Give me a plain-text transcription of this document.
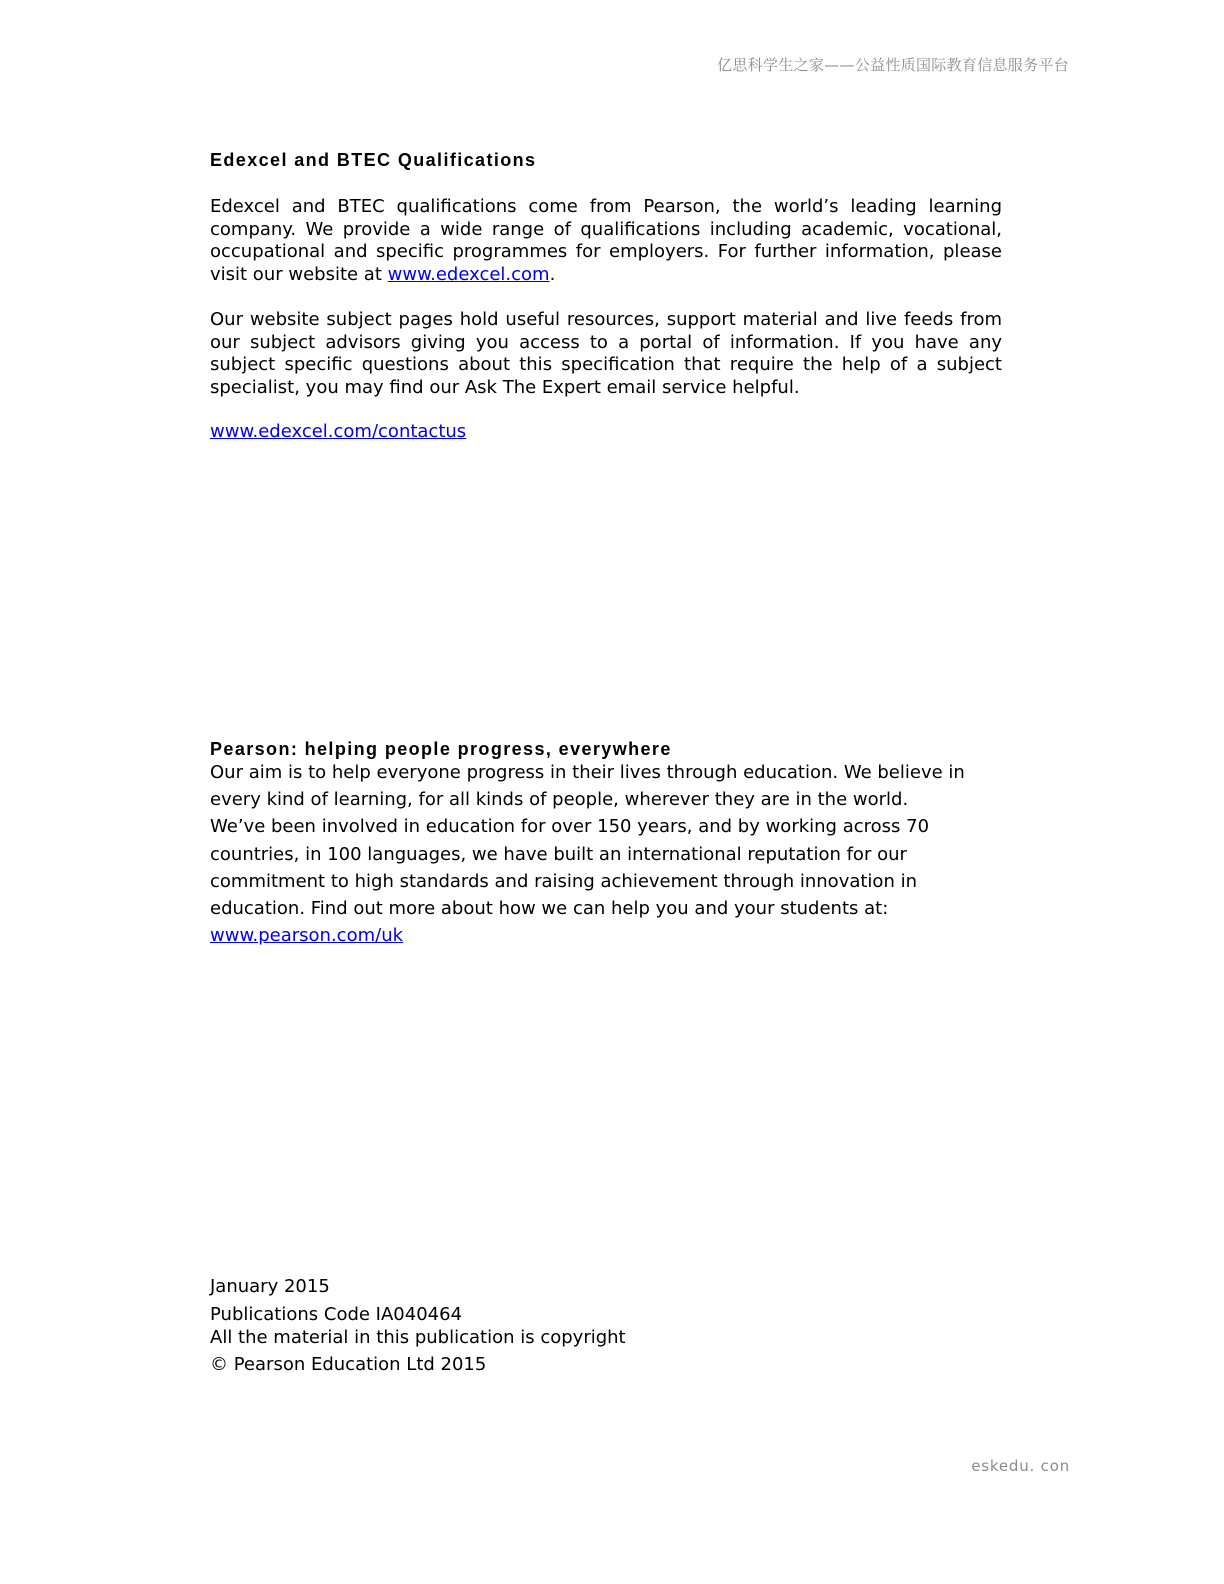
亿思科学生之家——公益性质国际教育信息服务平台
Edexcel and BTEC Qualifications
Edexcel and BTEC qualifications come from Pearson, the world’s leading learning company. We provide a wide range of qualifications including academic, vocational, occupational and specific programmes for employers. For further information, please visit our website at www.edexcel.com.
Our website subject pages hold useful resources, support material and live feeds from our subject advisors giving you access to a portal of information. If you have any subject specific questions about this specification that require the help of a subject specialist, you may find our Ask The Expert email service helpful.
www.edexcel.com/contactus
Pearson: helping people progress, everywhere
Our aim is to help everyone progress in their lives through education. We believe in
every kind of learning, for all kinds of people, wherever they are in the world.
We’ve been involved in education for over 150 years, and by working across 70
countries, in 100 languages, we have built an international reputation for our
commitment to high standards and raising achievement through innovation in
education. Find out more about how we can help you and your students at:
www.pearson.com/uk
January 2015
Publications Code IA040464
All the material in this publication is copyright
© Pearson Education Ltd 2015
eskedu. con
